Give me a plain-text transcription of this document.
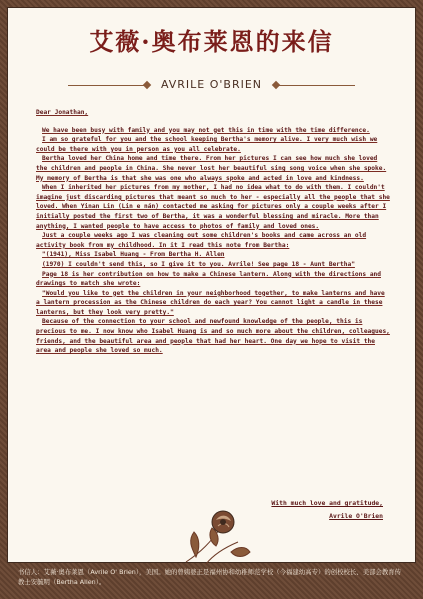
艾薇·奥布莱恩的来信
AVRILE O'BRIEN

Dear Jonathan,

We have been busy with family and you may not get this in time with the time difference.

I am so grateful for you and the school keeping Bertha's memory alive. I very much wish we could be there with you in person as you all celebrate.

Bertha loved her China home and time there. From her pictures I can see how much she loved the children and people in China. She never lost her beautiful sing song voice when she spoke. My memory of Bertha is that she was one who always spoke and acted in love and kindness.

When I inherited her pictures from my mother, I had no idea what to do with them. I couldn't imagine just discarding pictures that meant so much to her - especially all the people that she loved. When Yinan Lin (Lin e nán) contacted me asking for pictures only a couple weeks after I initially posted the first two of Bertha, it was a wonderful blessing and miracle. More than anything, I wanted people to have access to photos of family and loved ones.

Just a couple weeks ago I was cleaning out some children's books and came across an old activity book from my childhood. In it I read this note from Bertha:

"(1941), Miss Isabel Huang - From Bertha H. Allen

(1970) I couldn't send this, so I give it to you. Avrile! See page 18 - Aunt Bertha"

Page 18 is her contribution on how to make a Chinese lantern. Along with the directions and drawings to match she wrote:

"Would you like to get the children in your neighborhood together, to make lanterns and have a lantern procession as the Chinese children do each year? You cannot light a candle in these lanterns, but they look very pretty."

Because of the connection to your school and newfound knowledge of the people, this is precious to me. I now know who Isabel Huang is and so much more about the children, colleagues, friends, and the beautiful area and people that had her heart. One day we hope to visit the area and people she loved so much.

With much love and gratitude,
Avrile O'Brien
书信人：艾薇·奥布莱恩（Avrile O' Brien），美国。她的曾姨婆正是福州协和幼稚师范学校（今福建幼高专）的创校校长、美部会教育传教士安毓明（Bertha Allen）。
